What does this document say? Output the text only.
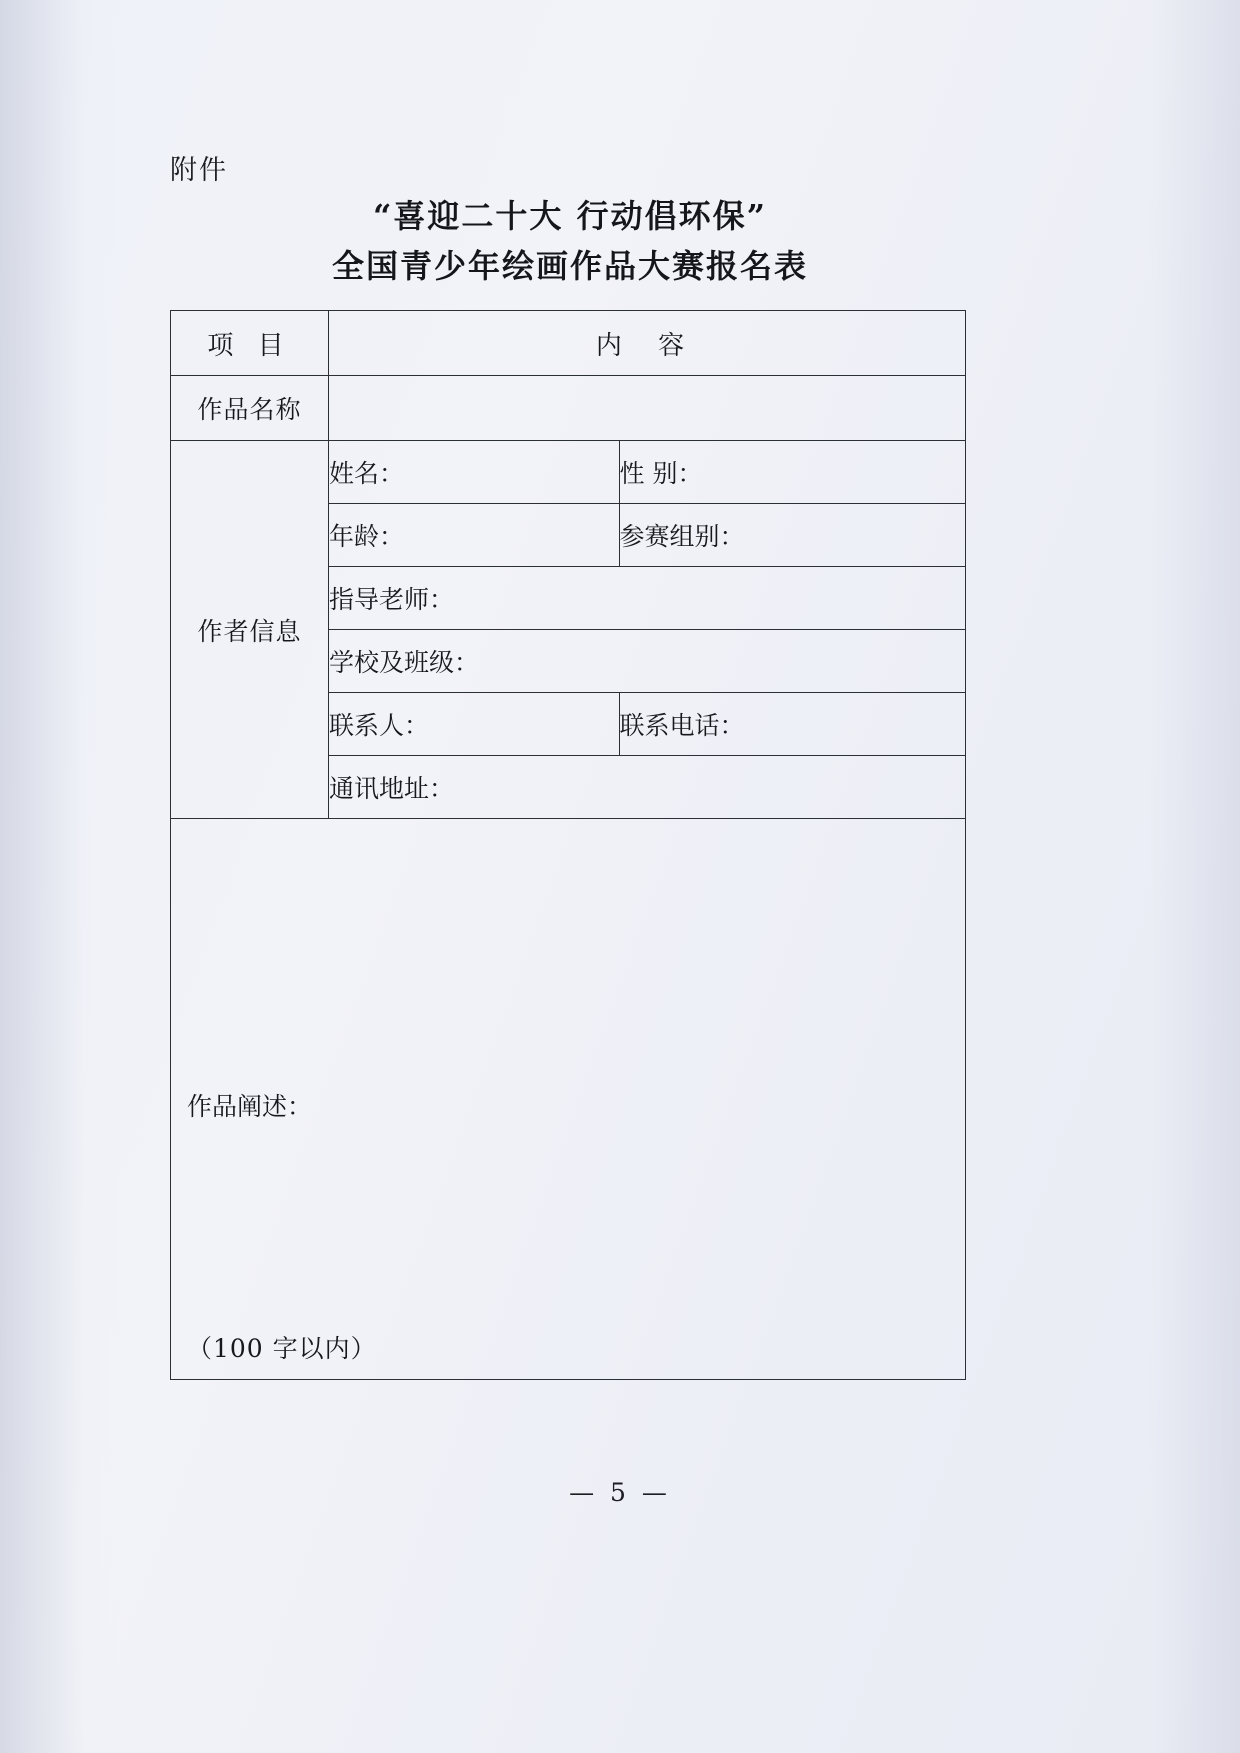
附件
“喜迎二十大 行动倡环保”
全国青少年绘画作品大赛报名表
项 目	内 容
作品名称	
作者信息	
姓名：	性 别：
年龄：	参赛组别：
指导老师：
学校及班级：
联系人：	联系电话：
通讯地址：

作品阐述：
（100 字以内）
— 5 —
